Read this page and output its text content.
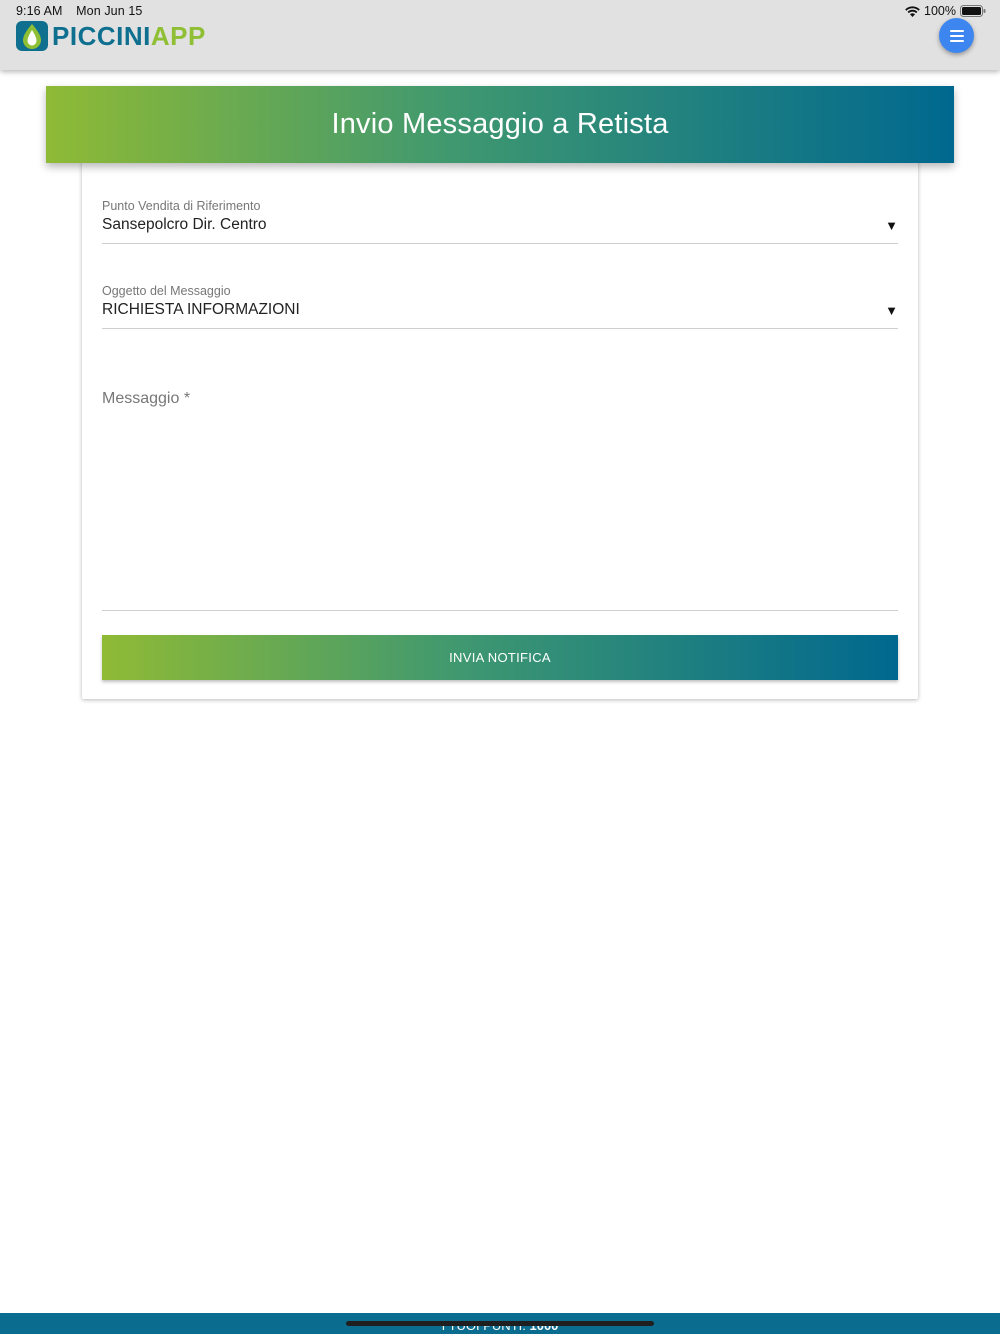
9:16 AM Mon Jun 15	100%
PICCINIAPP
Invio Messaggio a Retista
Punto Vendita di Riferimento
Sansepolcro Dir. Centro	▼
Oggetto del Messaggio
RICHIESTA INFORMAZIONI	▼
Messaggio *
INVIA NOTIFICA
